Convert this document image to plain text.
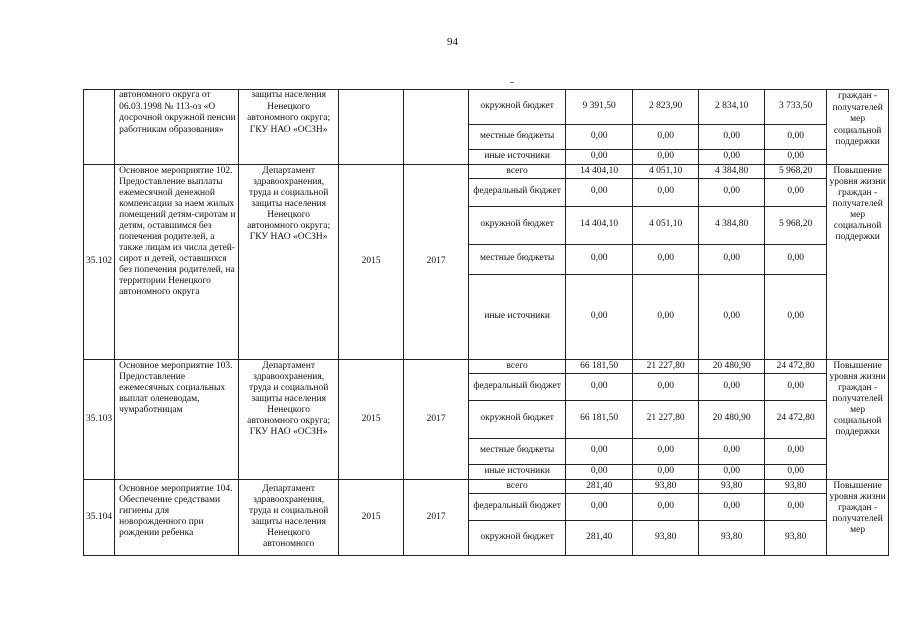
94
	автономного округа от 06.03.1998 № 113-оз «О досрочной окружной пенсии работникам образования»	защиты населения Ненецкого автономного округа; ГКУ НАО «ОСЗН»			окружной бюджет	9 391,50	2 823,90	2 834,10	3 733,50	граждан - получателей мер социальной поддержки
					местные бюджеты	0,00	0,00	0,00	0,00	
					иные источники	0,00	0,00	0,00	0,00	
35.102	Основное мероприятие 102. Предоставление выплаты ежемесячной денежной компенсации за наем жилых помещений детям-сиротам и детям, оставшимся без попечения родителей, а также лицам из числа детей-сирот и детей, оставшихся без попечения родителей, на территории Ненецкого автономного округа	Департамент здравоохранения, труда и социальной защиты населения Ненецкого автономного округа; ГКУ НАО «ОСЗН»	2015	2017	всего	14 404,10	4 051,10	4 384,80	5 968,20	Повышение уровня жизни граждан - получателей мер социальной поддержки
					федеральный бюджет	0,00	0,00	0,00	0,00	
					окружной бюджет	14 404,10	4 051,10	4 384,80	5 968,20	
					местные бюджеты	0,00	0,00	0,00	0,00	
					иные источники	0,00	0,00	0,00	0,00	
35.103	Основное мероприятие 103. Предоставление ежемесячных социальных выплат оленеводам, чумработницам	Департамент здравоохранения, труда и социальной защиты населения Ненецкого автономного округа; ГКУ НАО «ОСЗН»	2015	2017	всего	66 181,50	21 227,80	20 480,90	24 472,80	Повышение уровня жизни граждан - получателей мер социальной поддержки
					федеральный бюджет	0,00	0,00	0,00	0,00	
					окружной бюджет	66 181,50	21 227,80	20 480,90	24 472,80	
					местные бюджеты	0,00	0,00	0,00	0,00	
					иные источники	0,00	0,00	0,00	0,00	
35.104	Основное мероприятие 104. Обеспечение средствами гигиены для новорожденного при рождении ребенка	Департамент здравоохранения, труда и социальной защиты населения Ненецкого автономного	2015	2017	всего	281,40	93,80	93,80	93,80	Повышение уровня жизни граждан - получателей мер
					федеральный бюджет	0,00	0,00	0,00	0,00	
					окружной бюджет	281,40	93,80	93,80	93,80	
